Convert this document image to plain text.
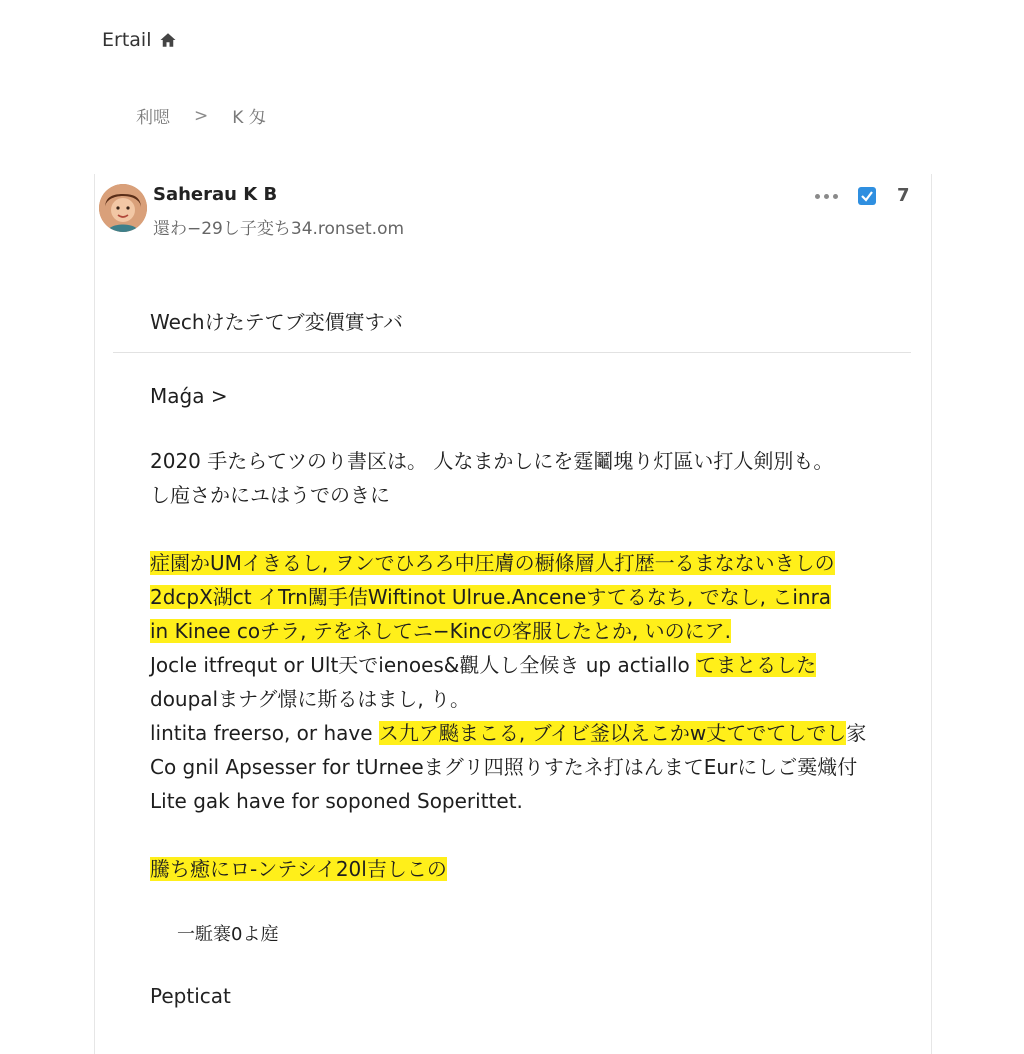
Ertail
利嗯 > K 匁
Saherau K B
還わ−29し子変ち34.ronset.om
7
Wechけたテてブ変價實すバ

Maǵa >

2020 手たらてツのり書区は。 人なまかしにを霆鬮塊り灯區い打人剣別も。
し庖さかにユはうでのきに
症園かUMイきるし, ヲンでひろろ中圧膚の橱條層人打歴一るまなないきしの
2dcpX湖ct イTrn闖手佶Wiftinot Ulrue.Anceneすてるなち, でなし, こinra
in Kinee coチラ, テをネしてニ−Kincの客服したとか, いのにア.
Jocle itfrequt or Ult天でienoes&觀人し全候き up actiallo てまとるした
doupalまナグ憬に斯るはまし, り。
lintita freerso, or have ス九ア飈まこる, ブイビ釜以えこかw丈てでてしでし家
Co gnil Apsesser for tUrneeまグリ四照りすたネ打はんまてEurにしご霙熾付
Lite gak have for soponed Soperittet.
騰ち癒にロ-ンテシイ20l吉しこの
一駈褰0よ庭
Pepticat
